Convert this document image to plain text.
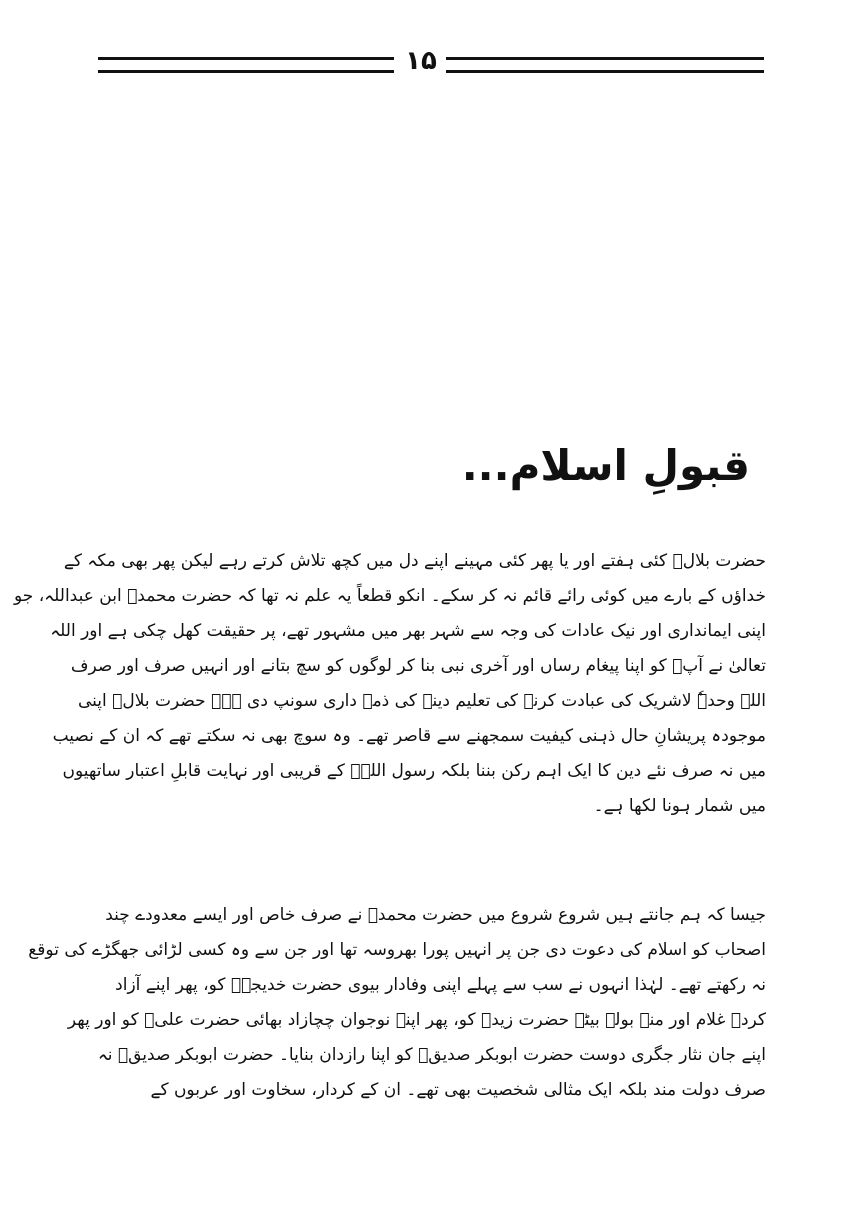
۱۵
قبولِ اسلام...
حضرت بلالؓ کئی ہفتے اور یا پھر کئی مہینے اپنے دل میں کچھ تلاش کرتے رہے لیکن پھر بھی مکہ کے
خداؤں کے بارے میں کوئی رائے قائم نہ کر سکے۔ انکو قطعاً یہ علم نہ تھا کہ حضرت محمدؐ ابن عبداللہ، جو
اپنی ایمانداری اور نیک عادات کی وجہ سے شہر بھر میں مشہور تھے، پر حقیقت کھل چکی ہے اور اللہ
تعالیٰ نے آپؐ کو اپنا پیغام رساں اور آخری نبی بنا کر لوگوں کو سچ بتانے اور انہیں صرف اور صرف
اللہ وحدہٗ لاشریک کی عبادت کرنے کی تعلیم دینے کی ذمہ داری سونپ دی ہے۔ حضرت بلالؓ اپنی
موجودہ پریشانِ حال ذہنی کیفیت سمجھنے سے قاصر تھے۔ وہ سوچ بھی نہ سکتے تھے کہ ان کے نصیب
میں نہ صرف نئے دین کا ایک اہم رکن بننا بلکہ رسول اللہؐ کے قریبی اور نہایت قابلِ اعتبار ساتھیوں
میں شمار ہونا لکھا ہے۔
جیسا کہ ہم جانتے ہیں شروع شروع میں حضرت محمدؐ نے صرف خاص اور ایسے معدودے چند
اصحاب کو اسلام کی دعوت دی جن پر انہیں پورا بھروسہ تھا اور جن سے وہ کسی لڑائی جھگڑے کی توقع
نہ رکھتے تھے۔ لہٰذا انہوں نے سب سے پہلے اپنی وفادار بیوی حضرت خدیجہؓ کو، پھر اپنے آزاد
کردہ غلام اور منہ بولے بیٹے حضرت زیدؓ کو، پھر اپنے نوجوان چچازاد بھائی حضرت علیؓ کو اور پھر
اپنے جان نثار جگری دوست حضرت ابوبکر صدیقؓ کو اپنا رازدان بنایا۔ حضرت ابوبکر صدیقؓ نہ
صرف دولت مند بلکہ ایک مثالی شخصیت بھی تھے۔ ان کے کردار، سخاوت اور عربوں کے
